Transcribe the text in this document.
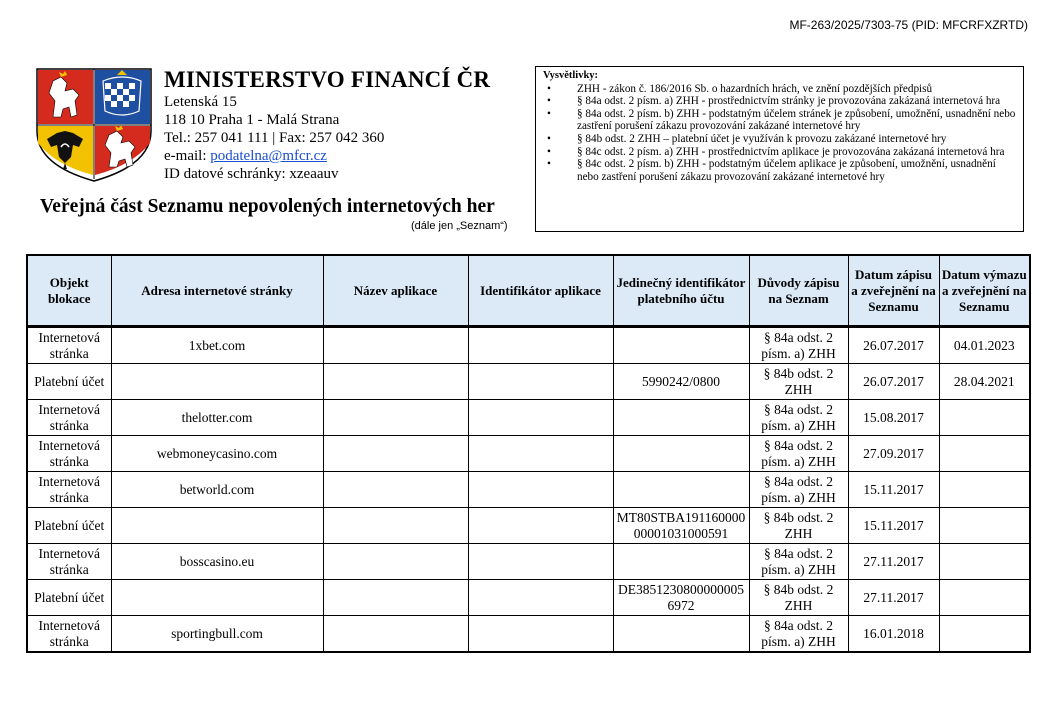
MF-263/2025/7303-75 (PID: MFCRFXZRTD)
MINISTERSTVO FINANCÍ ČR
Letenská 15
118 10 Praha 1 - Malá Strana
Tel.: 257 041 111 | Fax: 257 042 360
e-mail: podatelna@mfcr.cz
ID datové schránky: xzeaauv
Veřejná část Seznamu nepovolených internetových her
(dále jen „Seznam“)
Vysvětlivky:
• ZHH - zákon č. 186/2016 Sb. o hazardních hrách, ve znění pozdějších předpisů
• § 84a odst. 2 písm. a) ZHH - prostřednictvím stránky je provozována zakázaná internetová hra
• § 84a odst. 2 písm. b) ZHH - podstatným účelem stránek je způsobení, umožnění, usnadnění nebo zastření porušení zákazu provozování zakázané internetové hry
• § 84b odst. 2 ZHH – platební účet je využíván k provozu zakázané internetové hry
• § 84c odst. 2 písm. a) ZHH - prostřednictvím aplikace je provozována zakázaná internetová hra
• § 84c odst. 2 písm. b) ZHH - podstatným účelem aplikace je způsobení, umožnění, usnadnění nebo zastření porušení zákazu provozování zakázané internetové hry
Objekt blokace	Adresa internetové stránky	Název aplikace	Identifikátor aplikace	Jedinečný identifikátor platebního účtu	Důvody zápisu na Seznam	Datum zápisu a zveřejnění na Seznamu	Datum výmazu a zveřejnění na Seznamu
Internetová stránka	1xbet.com				§ 84a odst. 2 písm. a) ZHH	26.07.2017	04.01.2023
Platební účet				5990242/0800	§ 84b odst. 2 ZHH	26.07.2017	28.04.2021
Internetová stránka	thelotter.com				§ 84a odst. 2 písm. a) ZHH	15.08.2017	
Internetová stránka	webmoneycasino.com				§ 84a odst. 2 písm. a) ZHH	27.09.2017	
Internetová stránka	betworld.com				§ 84a odst. 2 písm. a) ZHH	15.11.2017	
Platební účet				MT80STBA19116000000001031000591	§ 84b odst. 2 ZHH	15.11.2017	
Internetová stránka	bosscasino.eu				§ 84a odst. 2 písm. a) ZHH	27.11.2017	
Platební účet				DE38512308000000056972	§ 84b odst. 2 ZHH	27.11.2017	
Internetová stránka	sportingbull.com				§ 84a odst. 2 písm. a) ZHH	16.01.2018	
